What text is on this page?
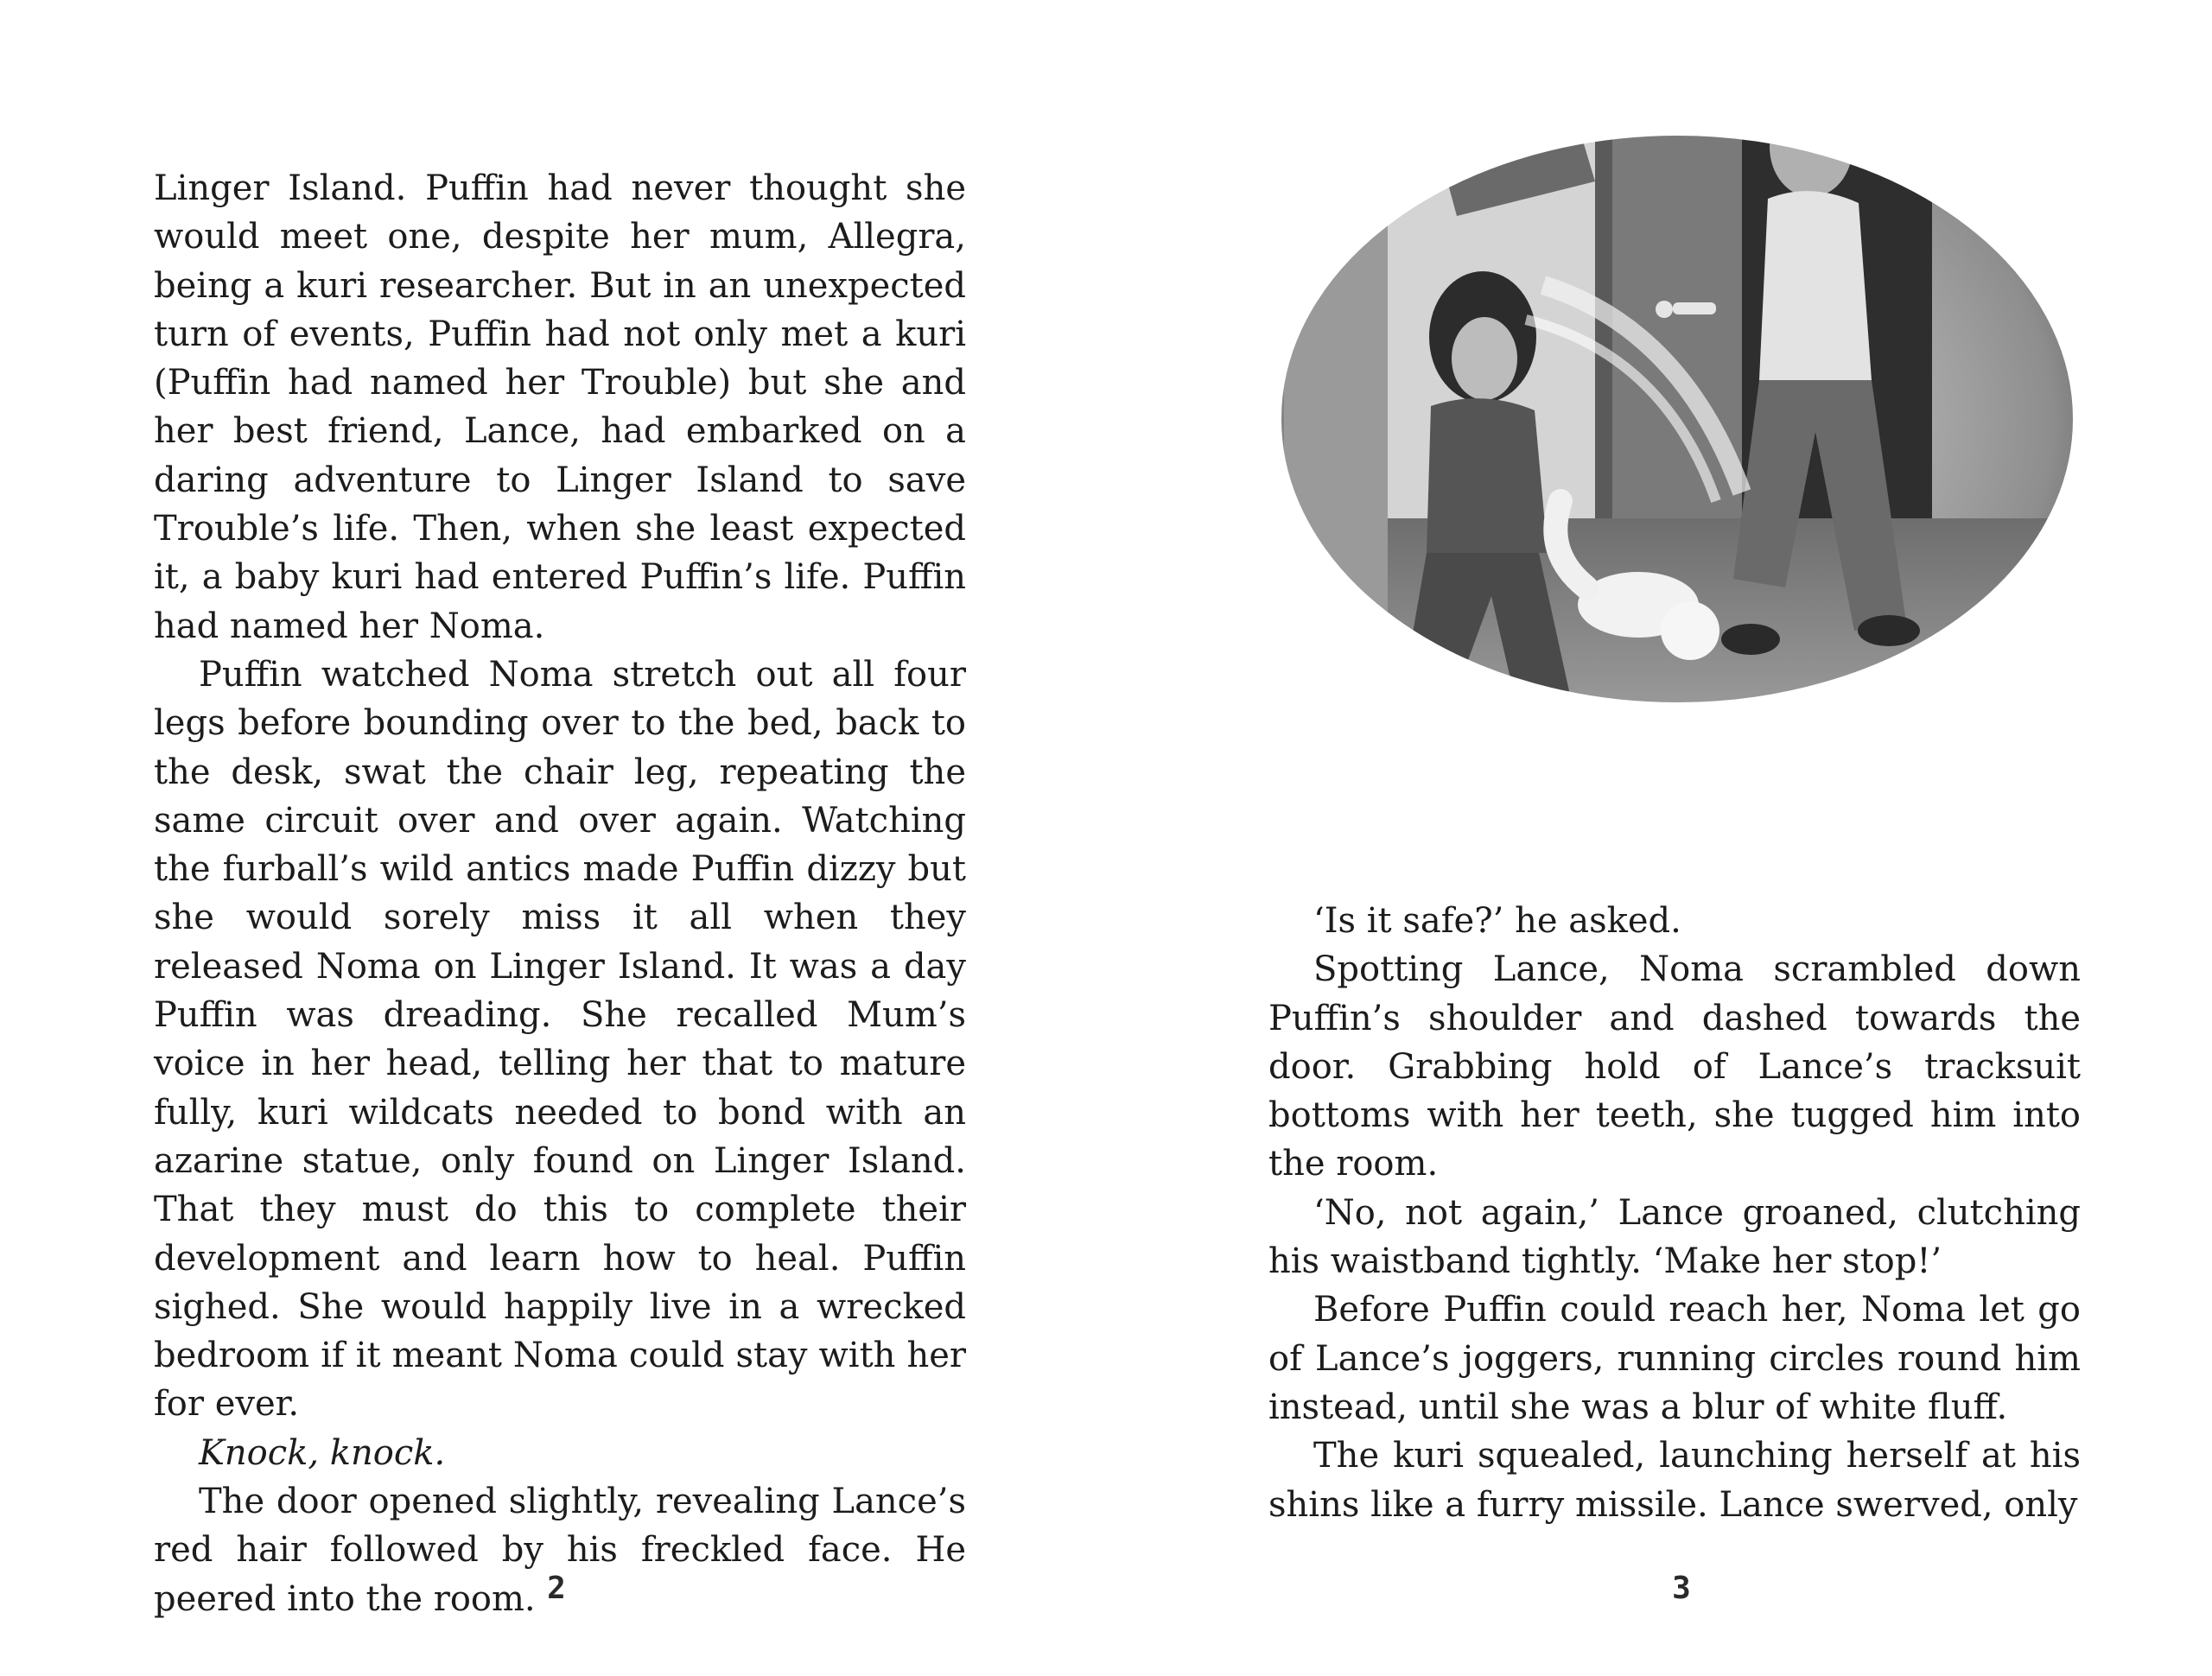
Linger Island. Puffin had never thought she would meet one, despite her mum, Allegra, being a kuri researcher. But in an unexpected turn of events, Puffin had not only met a kuri (Puffin had named her Trouble) but she and her best friend, Lance, had embarked on a daring adventure to Linger Island to save Trouble’s life. Then, when she least expected it, a baby kuri had entered Puffin’s life. Puffin had named her Noma.

Puffin watched Noma stretch out all four legs before bounding over to the bed, back to the desk, swat the chair leg, repeating the same circuit over and over again. Watching the furball’s wild antics made Puffin dizzy but she would sorely miss it all when they released Noma on Linger Island. It was a day Puffin was dreading. She recalled Mum’s voice in her head, telling her that to mature fully, kuri wildcats needed to bond with an azarine statue, only found on Linger Island. That they must do this to complete their development and learn how to heal. Puffin sighed. She would happily live in a wrecked bedroom if it meant Noma could stay with her for ever.

Knock, knock.

The door opened slightly, revealing Lance’s red hair followed by his freckled face. He peered into the room. 2

‘Is it safe?’ he asked.

Spotting Lance, Noma scrambled down Puffin’s shoulder and dashed towards the door. Grabbing hold of Lance’s tracksuit bottoms with her teeth, she tugged him into the room.

‘No, not again,’ Lance groaned, clutching his waistband tightly. ‘Make her stop!’

Before Puffin could reach her, Noma let go of Lance’s joggers, running circles round him instead, until she was a blur of white fluff.

The kuri squealed, launching herself at his shins like a furry missile. Lance swerved, only

3
